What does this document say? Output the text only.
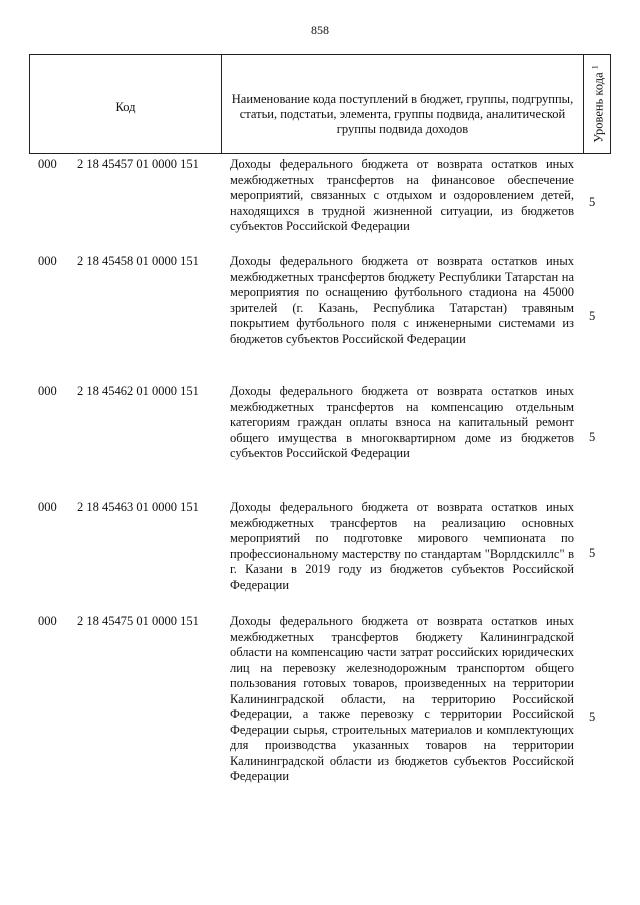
858
Код
Наименование кода поступлений в бюджет, группы, подгруппы, статьи, подстатьи, элемента, группы подвида, аналитической группы подвида доходов	Уровень кода $^1$
000 2 18 45457 01 0000 151 Доходы федерального бюджета от возврата остатков иных межбюджетных трансфертов на финансовое обеспечение мероприятий, связанных с отдыхом и оздоровлением детей, находящихся в трудной жизненной ситуации, из бюджетов субъектов Российской Федерации
5
000 2 18 45458 01 0000 151 Доходы федерального бюджета от возврата остатков иных межбюджетных трансфертов бюджету Республики Татарстан на мероприятия по оснащению футбольного стадиона на 45000 зрителей (г. Казань, Республика Татарстан) травяным покрытием футбольного поля с инженерными системами из бюджетов субъектов Российской Федерации
5
000 2 18 45462 01 0000 151 Доходы федерального бюджета от возврата остатков иных межбюджетных трансфертов на компенсацию отдельным категориям граждан оплаты взноса на капитальный ремонт общего имущества в многоквартирном доме из бюджетов субъектов Российской Федерации
5
000 2 18 45463 01 0000 151 Доходы федерального бюджета от возврата остатков иных межбюджетных трансфертов на реализацию основных мероприятий по подготовке мирового чемпионата по профессиональному мастерству по стандартам "Ворлдскиллс" в г. Казани в 2019 году из бюджетов субъектов Российской Федерации
5
000 2 18 45475 01 0000 151 Доходы федерального бюджета от возврата остатков иных межбюджетных трансфертов бюджету Калининградской области на компенсацию части затрат российских юридических лиц на перевозку железнодорожным транспортом общего пользования готовых товаров, произведенных на территории Калининградской области, на территорию Российской Федерации, а также перевозку с территории Российской Федерации сырья, строительных материалов и комплектующих для производства указанных товаров на территории Калининградской области из бюджетов субъектов Российской Федерации
5
